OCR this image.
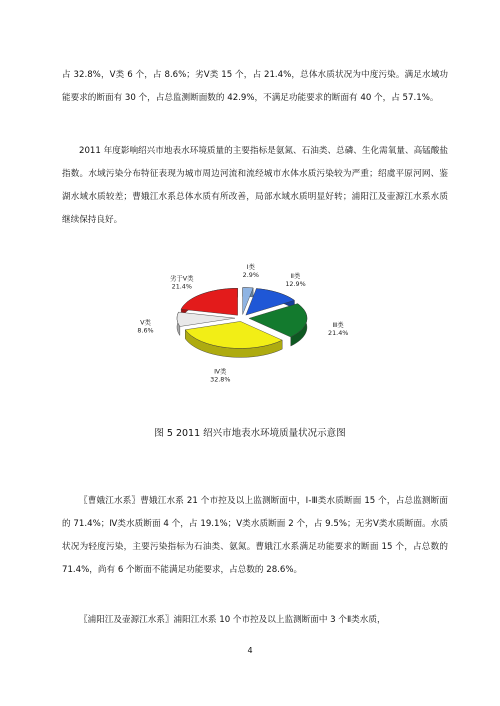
占 32.8%，V类 6 个，占 8.6%；劣Ⅴ类 15 个，占 21.4%，总体水质状况为中度污染。满足水域功能要求的断面有 30 个，占总监测断面数的 42.9%，不满足功能要求的断面有 40 个，占 57.1%。

2011 年度影响绍兴市地表水环境质量的主要指标是氨氮、石油类、总磷、生化需氧量、高锰酸盐指数。水域污染分布特征表现为城市周边河流和流经城市水体水质污染较为严重；绍虞平原河网、鉴湖水域水质较差；曹娥江水系总体水质有所改善，局部水域水质明显好转；浦阳江及壶源江水系水质继续保持良好。

Ⅰ类
2.9%	Ⅱ类
12.9%
劣于Ⅴ类
21.4%
Ⅴ类
8.6%
Ⅲ类
21.4%
Ⅳ类
32.8%

图 5 2011 绍兴市地表水环境质量状况示意图

〖曹娥江水系〗曹娥江水系 21 个市控及以上监测断面中，Ⅰ-Ⅲ类水质断面 15 个，占总监测断面的 71.4%；Ⅳ类水质断面 4 个，占 19.1%；V类水质断面 2 个，占 9.5%；无劣Ⅴ类水质断面。水质状况为轻度污染，主要污染指标为石油类、氨氮。曹娥江水系满足功能要求的断面 15 个，占总数的 71.4%，尚有 6 个断面不能满足功能要求，占总数的 28.6%。

〖浦阳江及壶源江水系〗浦阳江水系 10 个市控及以上监测断面中 3 个Ⅱ类水质，

4
